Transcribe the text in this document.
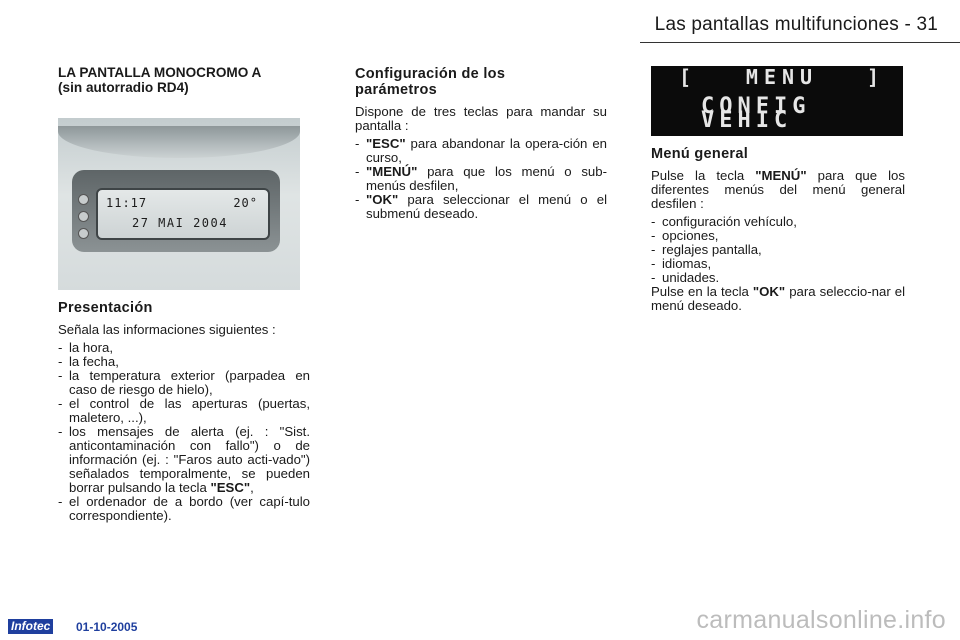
Las pantallas multifunciones - 31
LA PANTALLA MONOCROMO A
(sin autorradio RD4)
11:17	20°
27 MAI 2004
Presentación

Señala las informaciones siguientes :

- la hora,
- la fecha,
- la temperatura exterior (parpadea en caso de riesgo de hielo),
- el control de las aperturas (puertas, maletero, ...),
- los mensajes de alerta (ej. : "Sist. anticontaminación con fallo") o de información (ej. : "Faros auto acti-vado") señalados temporalmente, se pueden borrar pulsando la tecla "ESC",
- el ordenador de a bordo (ver capí-tulo correspondiente).
Configuración de los
parámetros

Dispone de tres teclas para mandar su pantalla :

- "ESC" para abandonar la opera-ción en curso,
- "MENÚ" para que los menú o sub-menús desfilen,
- "OK" para seleccionar el menú o el submenú deseado.
[ MENU ]
CONFIG VEHIC
Menú general

Pulse la tecla "MENÚ" para que los diferentes menús del menú general desfilen :

- configuración vehículo,
- opciones,
- reglajes pantalla,
- idiomas,
- unidades.

Pulse en la tecla "OK" para seleccio-nar el menú deseado.

Infotec 01-10-2005	carmanualsonline.info
